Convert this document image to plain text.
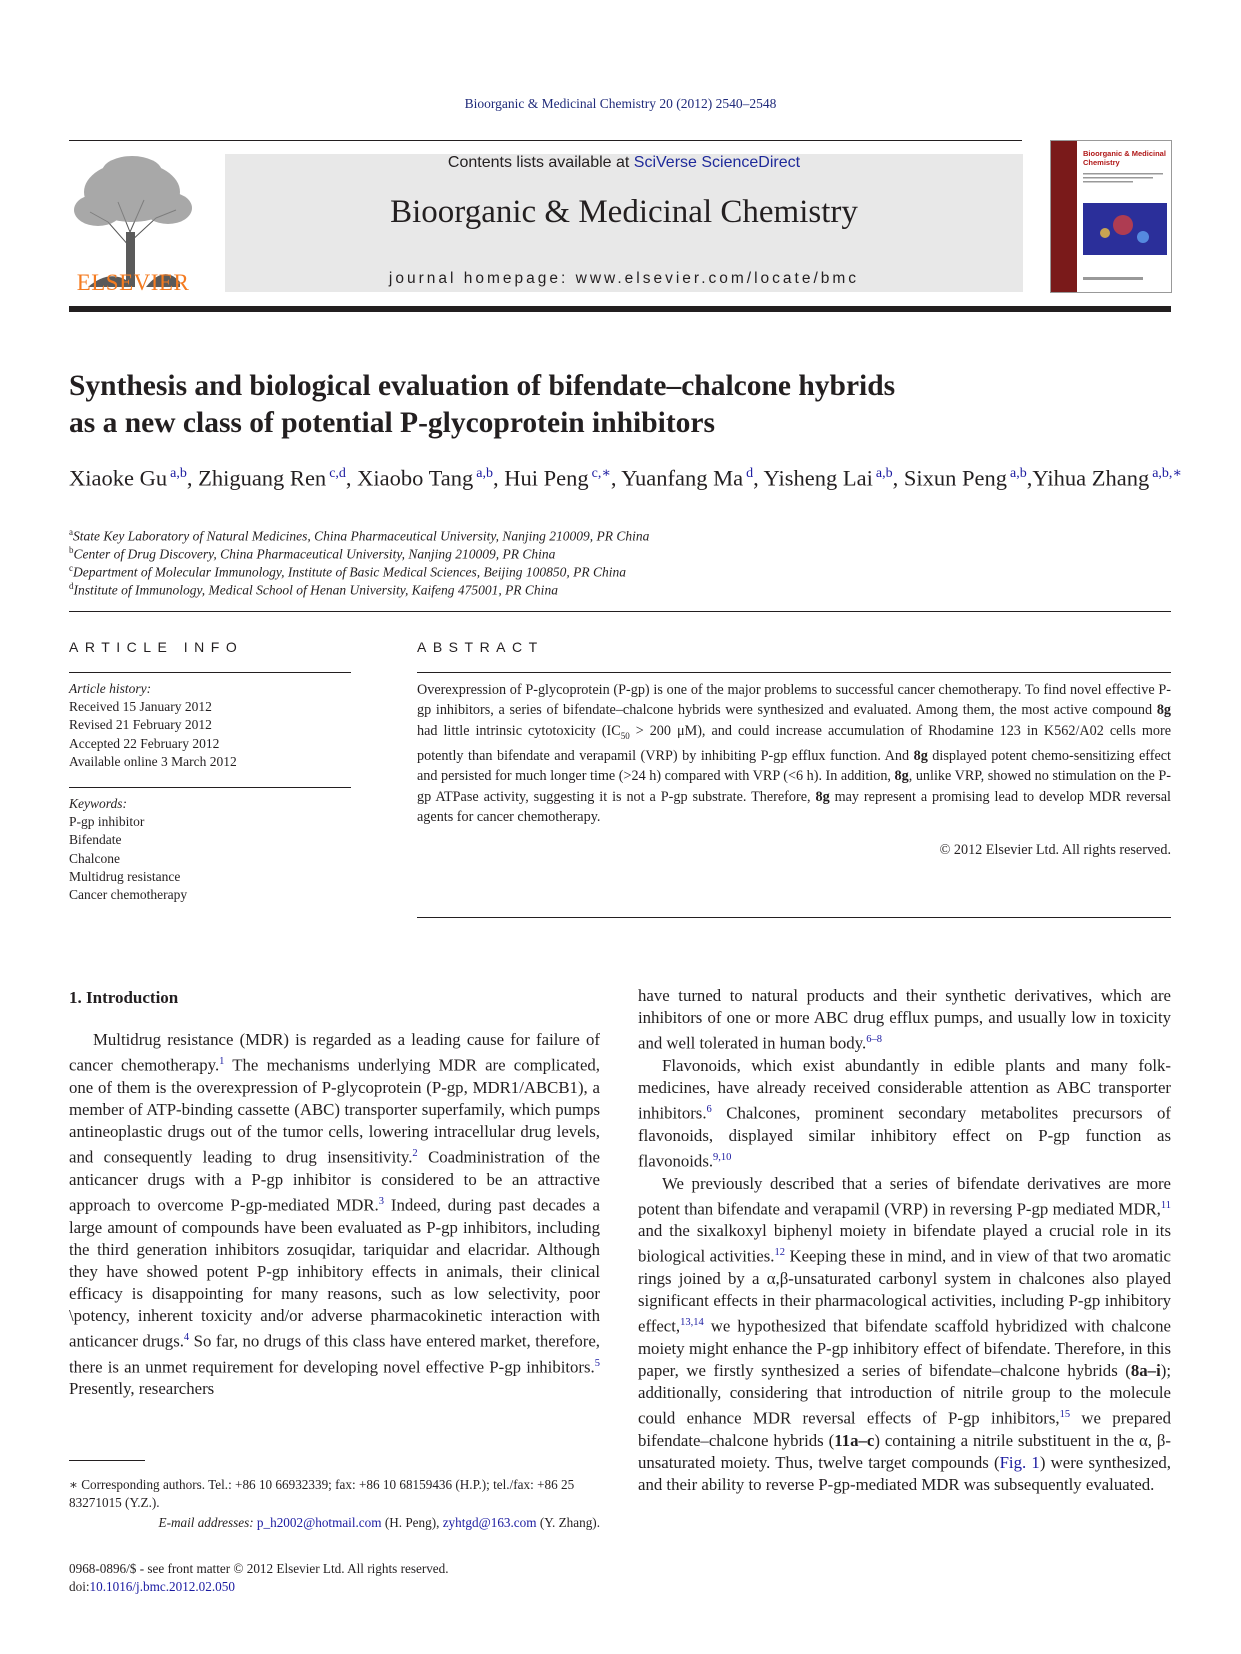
Bioorganic & Medicinal Chemistry 20 (2012) 2540–2548
ELSEVIER
Contents lists available at SciVerse ScienceDirect
Bioorganic & Medicinal Chemistry
journal homepage: www.elsevier.com/locate/bmc
Bioorganic & Medicinal Chemistry
Synthesis and biological evaluation of bifendate–chalcone hybrids
as a new class of potential P-glycoprotein inhibitors
Xiaoke Gu $^{a,b}$, Zhiguang Ren $^{c,d}$, Xiaobo Tang $^{a,b}$, Hui Peng $^{c,∗}$, Yuanfang Ma $^d$, Yisheng Lai $^{a,b}$, Sixun Peng $^{a,b}$,Yihua Zhang $^{a,b,∗}$
$^a$State Key Laboratory of Natural Medicines, China Pharmaceutical University, Nanjing 210009, PR China
$^b$Center of Drug Discovery, China Pharmaceutical University, Nanjing 210009, PR China
$^c$Department of Molecular Immunology, Institute of Basic Medical Sciences, Beijing 100850, PR China
$^d$Institute of Immunology, Medical School of Henan University, Kaifeng 475001, PR China
ARTICLE INFO
Article history:
Received 15 January 2012
Revised 21 February 2012
Accepted 22 February 2012
Available online 3 March 2012
Keywords:
P-gp inhibitor
Bifendate
Chalcone
Multidrug resistance
Cancer chemotherapy
ABSTRACT
Overexpression of P-glycoprotein (P-gp) is one of the major problems to successful cancer chemotherapy. To find novel effective P-gp inhibitors, a series of bifendate–chalcone hybrids were synthesized and evaluated. Among them, the most active compound 8g had little intrinsic cytotoxicity ($IC_{50} > 200$ μM), and could increase accumulation of Rhodamine 123 in K562/A02 cells more potently than bifendate and verapamil (VRP) by inhibiting P-gp efflux function. And 8g displayed potent chemo-sensitizing effect and persisted for much longer time (>24 h) compared with VRP (<6 h). In addition, 8g, unlike VRP, showed no stimulation on the P-gp ATPase activity, suggesting it is not a P-gp substrate. Therefore, 8g may represent a promising lead to develop MDR reversal agents for cancer chemotherapy.
© 2012 Elsevier Ltd. All rights reserved.
1. Introduction

Multidrug resistance (MDR) is regarded as a leading cause for failure of cancer chemotherapy.$^1$ The mechanisms underlying MDR are complicated, one of them is the overexpression of P-glycoprotein (P-gp, MDR1/ABCB1), a member of ATP-binding cassette (ABC) transporter superfamily, which pumps antineoplastic drugs out of the tumor cells, lowering intracellular drug levels, and consequently leading to drug insensitivity.$^2$ Coadministration of the anticancer drugs with a P-gp inhibitor is considered to be an attractive approach to overcome P-gp-mediated MDR.$^3$ Indeed, during past decades a large amount of compounds have been evaluated as P-gp inhibitors, including the third generation inhibitors zosuqidar, tariquidar and elacridar. Although they have showed potent P-gp inhibitory effects in animals, their clinical efficacy is disappointing for many reasons, such as low selectivity, poor \potency, inherent toxicity and/or adverse pharmacokinetic interaction with anticancer drugs.$^4$ So far, no drugs of this class have entered market, therefore, there is an unmet requirement for developing novel effective P-gp inhibitors.$^5$ Presently, researchers

have turned to natural products and their synthetic derivatives, which are inhibitors of one or more ABC drug efflux pumps, and usually low in toxicity and well tolerated in human body.$^{6-8}$

Flavonoids, which exist abundantly in edible plants and many folk-medicines, have already received considerable attention as ABC transporter inhibitors.$^6$ Chalcones, prominent secondary metabolites precursors of flavonoids, displayed similar inhibitory effect on P-gp function as flavonoids.$^{9,10}$

We previously described that a series of bifendate derivatives are more potent than bifendate and verapamil (VRP) in reversing P-gp mediated MDR,$^{11}$ and the sixalkoxyl biphenyl moiety in bifendate played a crucial role in its biological activities.$^{12}$ Keeping these in mind, and in view of that two aromatic rings joined by a α,β-unsaturated carbonyl system in chalcones also played significant effects in their pharmacological activities, including P-gp inhibitory effect,$^{13,14}$ we hypothesized that bifendate scaffold hybridized with chalcone moiety might enhance the P-gp inhibitory effect of bifendate. Therefore, in this paper, we firstly synthesized a series of bifendate–chalcone hybrids (8a–i); additionally, considering that introduction of nitrile group to the molecule could enhance MDR reversal effects of P-gp inhibitors,$^{15}$ we prepared bifendate–chalcone hybrids (11a–c) containing a nitrile substituent in the α, β-unsaturated moiety. Thus, twelve target compounds (Fig. 1) were synthesized, and their ability to reverse P-gp-mediated MDR was subsequently evaluated.

∗ Corresponding authors. Tel.: +86 10 66932339; fax: +86 10 68159436 (H.P.); tel./fax: +86 25 83271015 (Y.Z.).
E-mail addresses: p_h2002@hotmail.com (H. Peng), zyhtgd@163.com (Y. Zhang).
0968-0896/$ - see front matter © 2012 Elsevier Ltd. All rights reserved.
doi:10.1016/j.bmc.2012.02.050
